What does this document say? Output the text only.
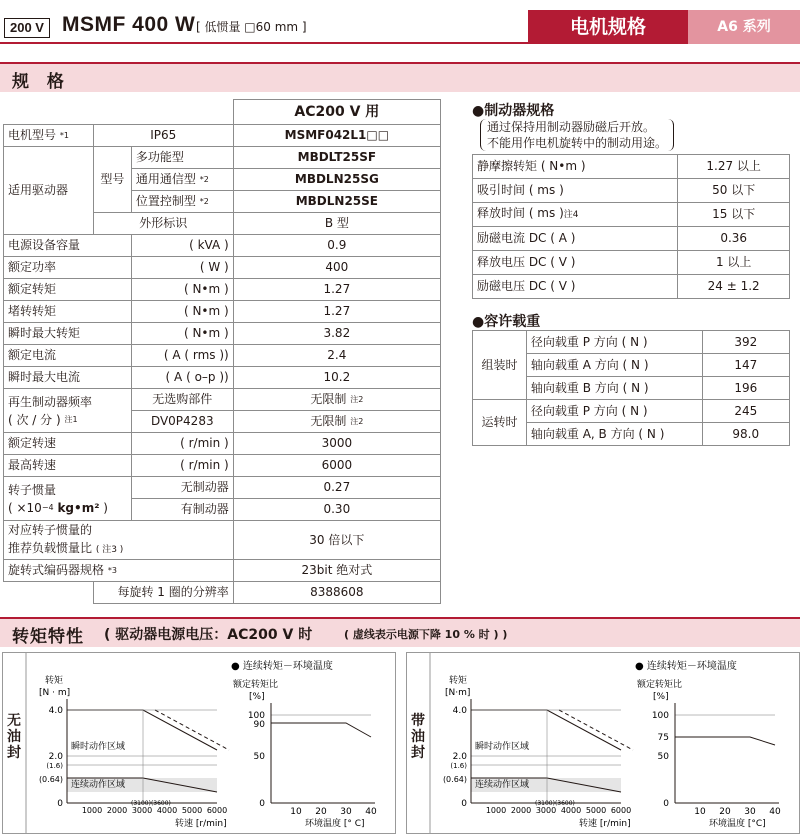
200 V MSMF 400 W [ 低惯量 □60 mm ]	电机规格	A6 系列
规 格
			AC200 V 用
电机型号 $^{*1}$	IP65		MSMF042L1□□
适用驱动器	型号	多功能型	MBDLT25SF
		通用通信型 $^{*2}$	MBDLN25SG
		位置控制型 $^{*2}$	MBDLN25SE
	外形标识		B 型
电源设备容量		( kVA )	0.9
额定功率		( W )	400
额定转矩		( N•m )	1.27
堵转转矩		( N•m )	1.27
瞬时最大转矩		( N•m )	3.82
额定电流		( A ( rms ))	2.4
瞬时最大电流		( A ( o–p ))	10.2
再生制动器频率
( 次 / 分 ) $^{注1}$		无选购部件	无限制 $^{注2}$
		DV0P4283	无限制 $^{注2}$
额定转速		( r/min )	3000
最高转速		( r/min )	6000
转子惯量
( $\times 10^{-4}$ kg•m² )		无制动器	0.27
		有制动器	0.30
对应转子惯量的
推荐负载惯量比 ( 注3 )			30 倍以下
旋转式编码器规格 $^{*3}$			23bit 绝对式
	每旋转 1 圈的分辨率		8388608
●制动器规格
通过保持用制动器励磁后开放。
不能用作电机旋转中的制动用途。
静摩擦转矩 ( N•m )	1.27 以上
吸引时间 ( ms )	50 以下
释放时间 ( ms )注4	15 以下
励磁电流 DC ( A )	0.36
释放电压 DC ( V )	1 以上
励磁电压 DC ( V )	24 ± 1.2
●容许载重
组装时	径向载重 P 方向 ( N )	392
	轴向载重 A 方向 ( N )	147
	轴向载重 B 方向 ( N )	196
运转时	径向载重 P 方向 ( N )	245
	轴向载重 A, B 方向 ( N )	98.0
转矩特性 ( 驱动器电源电压：AC200 V 时	( 虚线表示电源下降 10 % 时 ) )
无油封
● 连续转矩－环境温度
转矩
[N · m]
4.0
2.0
(1.6)
(0.64)
0
瞬时动作区域
连续动作区域
1000 2000 3000 4000 5000 6000
(3100)(3600)
转速 [r/min]
额定转矩比
[%]
100
90
50
0
10 20 30 40
环境温度 [° C]
带油封
● 连续转矩－环境温度
转矩
[N·m]
4.0
2.0
(1.6)
(0.64)
0
瞬时动作区域
连续动作区域
1000 2000 3000 4000 5000 6000
(3100)(3600)
转速 [r/min]
额定转矩比
[%]
100
75
50
0
10 20 30 40
环境温度 [°C]
